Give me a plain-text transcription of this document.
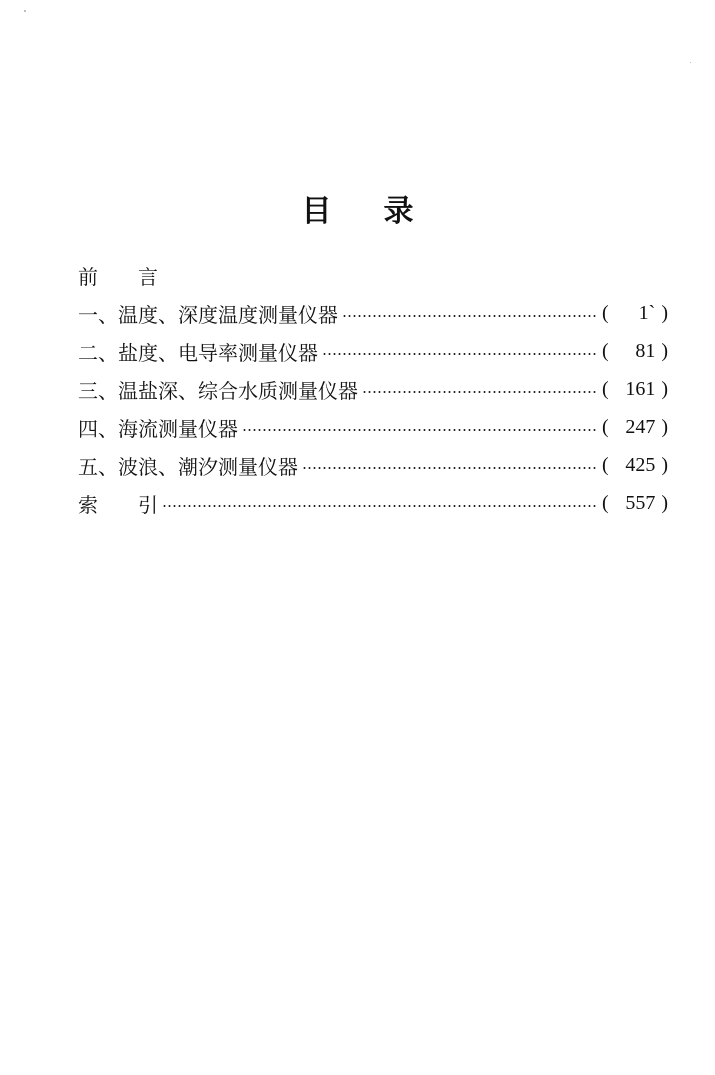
目 录
前 言
一、温度、深度温度测量仪器	(	1` )
二、盐度、电导率测量仪器	(	81 )
三、温盐深、综合水质测量仪器	( 161 )
四、海流测量仪器	( 247 )
五、波浪、潮汐测量仪器	( 425 )
索 引	( 557 )
